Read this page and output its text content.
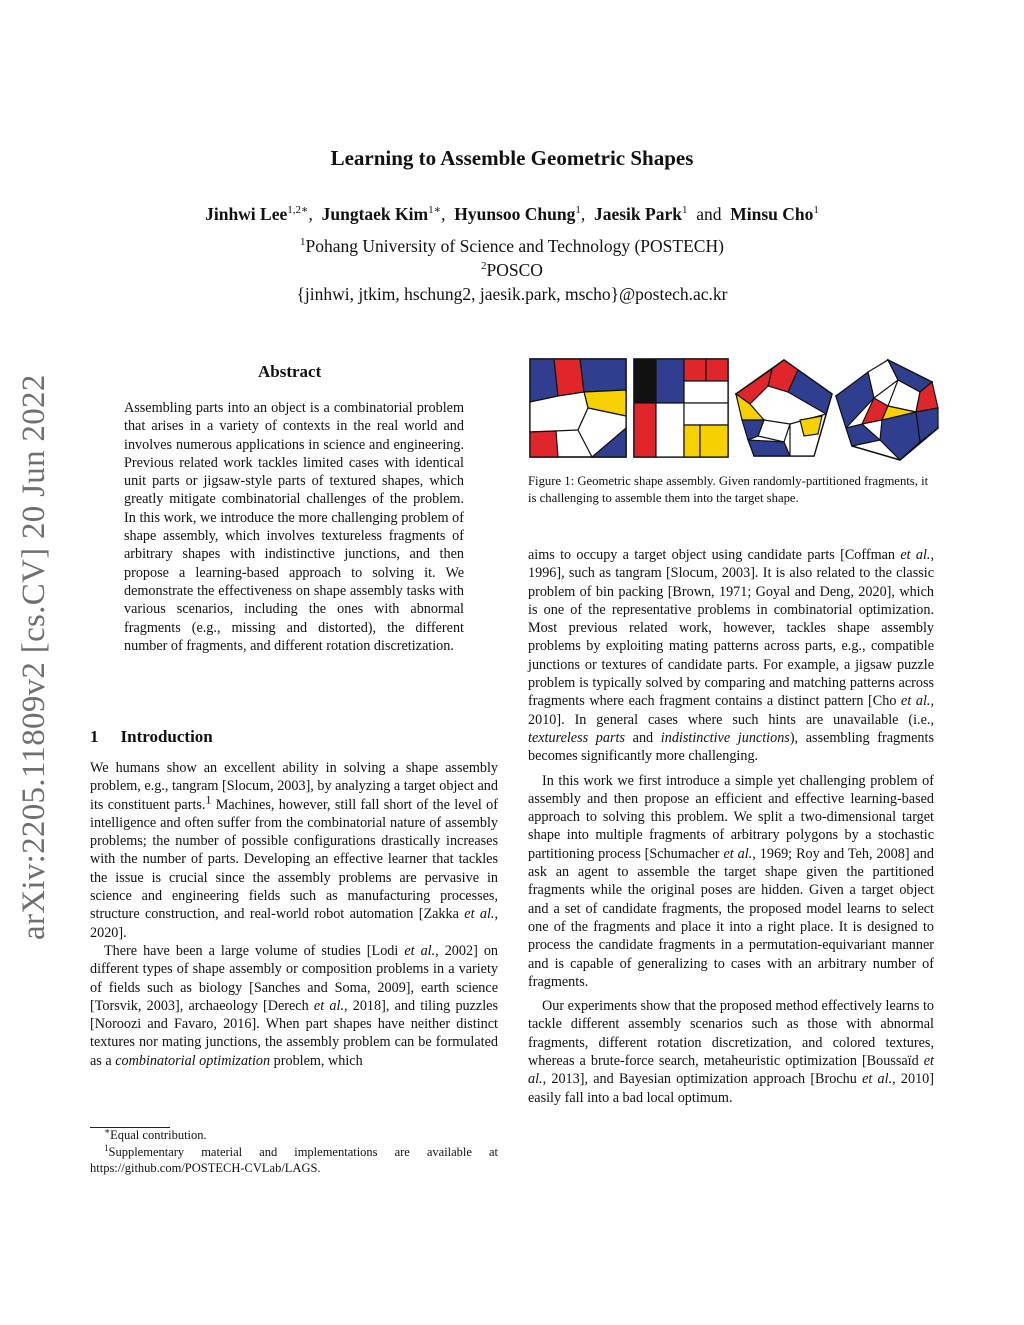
Learning to Assemble Geometric Shapes
Jinhwi Lee$^{1,2∗}$,  Jungtaek Kim$^{1∗}$,  Hyunsoo Chung$^1$,  Jaesik Park$^1$ and Minsu Cho$^1$
$^1$Pohang University of Science and Technology (POSTECH)
$^2$POSCO
{jinhwi, jtkim, hschung2, jaesik.park, mscho}@postech.ac.kr
arXiv:2205.11809v2 [cs.CV] 20 Jun 2022
Abstract
Assembling parts into an object is a combinatorial problem that arises in a variety of contexts in the real world and involves numerous applications in science and engineering. Previous related work tackles limited cases with identical unit parts or jigsaw-style parts of textured shapes, which greatly mitigate combinatorial challenges of the problem. In this work, we introduce the more challenging problem of shape assembly, which involves textureless fragments of arbitrary shapes with indistinctive junctions, and then propose a learning-based approach to solving it. We demonstrate the effectiveness on shape assembly tasks with various scenarios, including the ones with abnormal fragments (e.g., missing and distorted), the different number of fragments, and different rotation discretization.
1 Introduction

We humans show an excellent ability in solving a shape assembly problem, e.g., tangram [Slocum, 2003], by analyzing a target object and its constituent parts.$^1$ Machines, however, still fall short of the level of intelligence and often suffer from the combinatorial nature of assembly problems; the number of possible configurations drastically increases with the number of parts. Developing an effective learner that tackles the issue is crucial since the assembly problems are pervasive in science and engineering fields such as manufacturing processes, structure construction, and real-world robot automation [Zakka et al., 2020].

There have been a large volume of studies [Lodi et al., 2002] on different types of shape assembly or composition problems in a variety of fields such as biology [Sanches and Soma, 2009], earth science [Torsvik, 2003], archaeology [Derech et al., 2018], and tiling puzzles [Noroozi and Favaro, 2016]. When part shapes have neither distinct textures nor mating junctions, the assembly problem can be formulated as a combinatorial optimization problem, which

∗Equal contribution.
$^1$Supplementary material and implementations are available at https://github.com/POSTECH-CVLab/LAGS.
Figure 1: Geometric shape assembly. Given randomly-partitioned fragments, it is challenging to assemble them into the target shape.

aims to occupy a target object using candidate parts [Coffman et al., 1996], such as tangram [Slocum, 2003]. It is also related to the classic problem of bin packing [Brown, 1971; Goyal and Deng, 2020], which is one of the representative problems in combinatorial optimization. Most previous related work, however, tackles shape assembly problems by exploiting mating patterns across parts, e.g., compatible junctions or textures of candidate parts. For example, a jigsaw puzzle problem is typically solved by comparing and matching patterns across fragments where each fragment contains a distinct pattern [Cho et al., 2010]. In general cases where such hints are unavailable (i.e., textureless parts and indistinctive junctions), assembling fragments becomes significantly more challenging.

In this work we first introduce a simple yet challenging problem of assembly and then propose an efficient and effective learning-based approach to solving this problem. We split a two-dimensional target shape into multiple fragments of arbitrary polygons by a stochastic partitioning process [Schumacher et al., 1969; Roy and Teh, 2008] and ask an agent to assemble the target shape given the partitioned fragments while the original poses are hidden. Given a target object and a set of candidate fragments, the proposed model learns to select one of the fragments and place it into a right place. It is designed to process the candidate fragments in a permutation-equivariant manner and is capable of generalizing to cases with an arbitrary number of fragments.

Our experiments show that the proposed method effectively learns to tackle different assembly scenarios such as those with abnormal fragments, different rotation discretization, and colored textures, whereas a brute-force search, metaheuristic optimization [Boussaïd et al., 2013], and Bayesian optimization approach [Brochu et al., 2010] easily fall into a bad local optimum.
